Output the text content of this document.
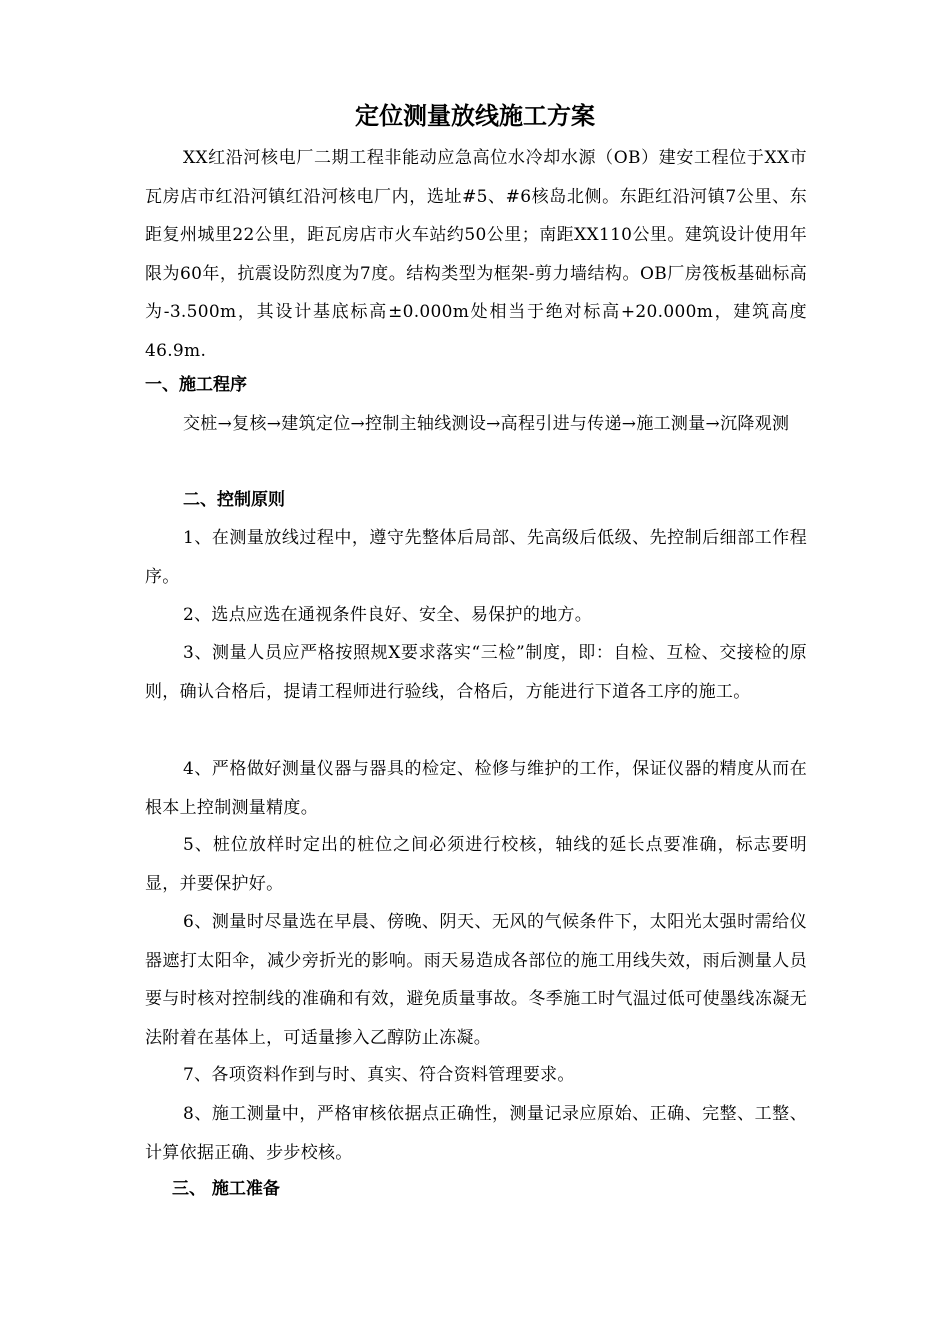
定位测量放线施工方案
XX红沿河核电厂二期工程非能动应急高位水冷却水源（OB）建安工程位于XX市瓦房店市红沿河镇红沿河核电厂内，选址#5、#6核岛北侧。东距红沿河镇7公里、东距复州城里22公里，距瓦房店市火车站约50公里；南距XX110公里。建筑设计使用年限为60年，抗震设防烈度为7度。结构类型为框架-剪力墙结构。OB厂房筏板基础标高为-3.500m，其设计基底标高±0.000m处相当于绝对标高+20.000m，建筑高度46.9m.
一、施工程序
交桩→复核→建筑定位→控制主轴线测设→高程引进与传递→施工测量→沉降观测
二、控制原则
1、在测量放线过程中，遵守先整体后局部、先高级后低级、先控制后细部工作程序。
2、选点应选在通视条件良好、安全、易保护的地方。
3、测量人员应严格按照规X要求落实“三检”制度，即：自检、互检、交接检的原则，确认合格后，提请工程师进行验线，合格后，方能进行下道各工序的施工。
4、严格做好测量仪器与器具的检定、检修与维护的工作，保证仪器的精度从而在根本上控制测量精度。
5、桩位放样时定出的桩位之间必须进行校核，轴线的延长点要准确，标志要明显，并要保护好。
6、测量时尽量选在早晨、傍晚、阴天、无风的气候条件下，太阳光太强时需给仪器遮打太阳伞，减少旁折光的影响。雨天易造成各部位的施工用线失效，雨后测量人员要与时核对控制线的准确和有效，避免质量事故。冬季施工时气温过低可使墨线冻凝无法附着在基体上，可适量掺入乙醇防止冻凝。
7、各项资料作到与时、真实、符合资料管理要求。
8、施工测量中，严格审核依据点正确性，测量记录应原始、正确、完整、工整、计算依据正确、步步校核。
三、 施工准备
